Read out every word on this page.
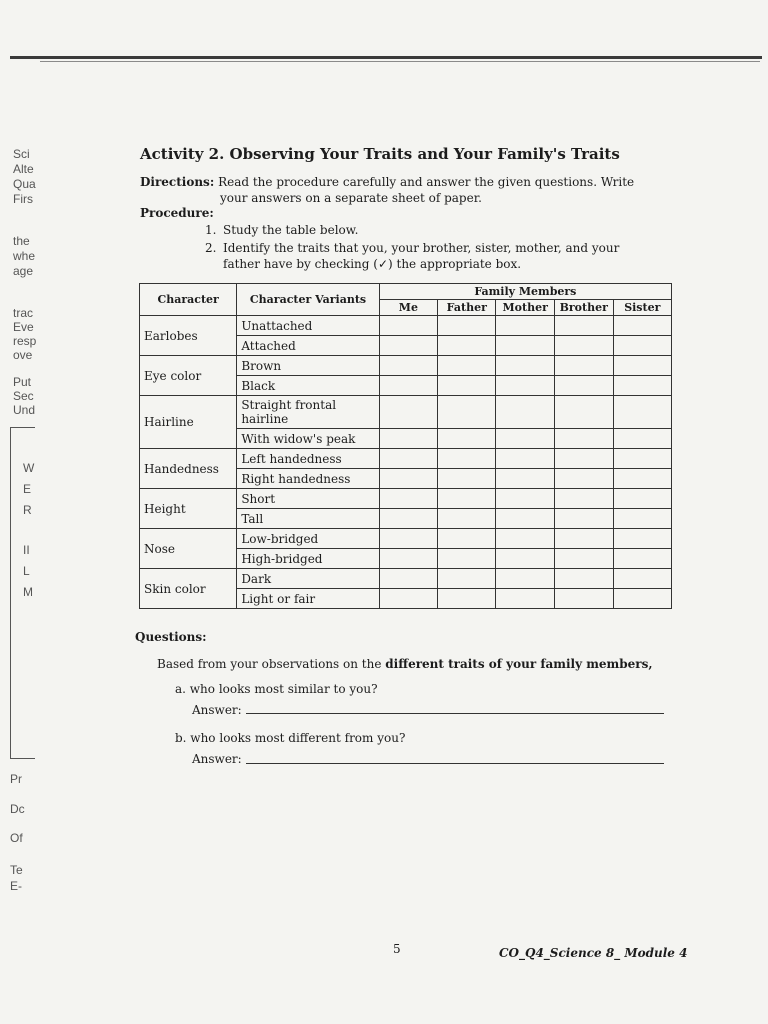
Sci
Alte
Qua
Firs
the
whe
age
trac
Eve
resp
ove
Put
Sec
Und
W
E
R
II
L
M
Pr
Dc
Of
Te
E-
Activity 2. Observing Your Traits and Your Family's Traits
Directions: Read the procedure carefully and answer the given questions. Write
your answers on a separate sheet of paper.
Procedure:
1. Study the table below.
2. Identify the traits that you, your brother, sister, mother, and your
father have by checking (✓) the appropriate box.
Character	Character Variants	Family Members				
		Me	Father	Mother	Brother	Sister
Earlobes	Unattached					
	Attached					
Eye color	Brown					
	Black					
Hairline	Straight frontal hairline					
	With widow's peak					
Handedness	Left handedness					
	Right handedness					
Height	Short					
	Tall					
Nose	Low-bridged					
	High-bridged					
Skin color	Dark					
	Light or fair					
Questions:
Based from your observations on the different traits of your family members,
a. who looks most similar to you?
Answer:
b. who looks most different from you?
Answer:
5	CO_Q4_Science 8_ Module 4
